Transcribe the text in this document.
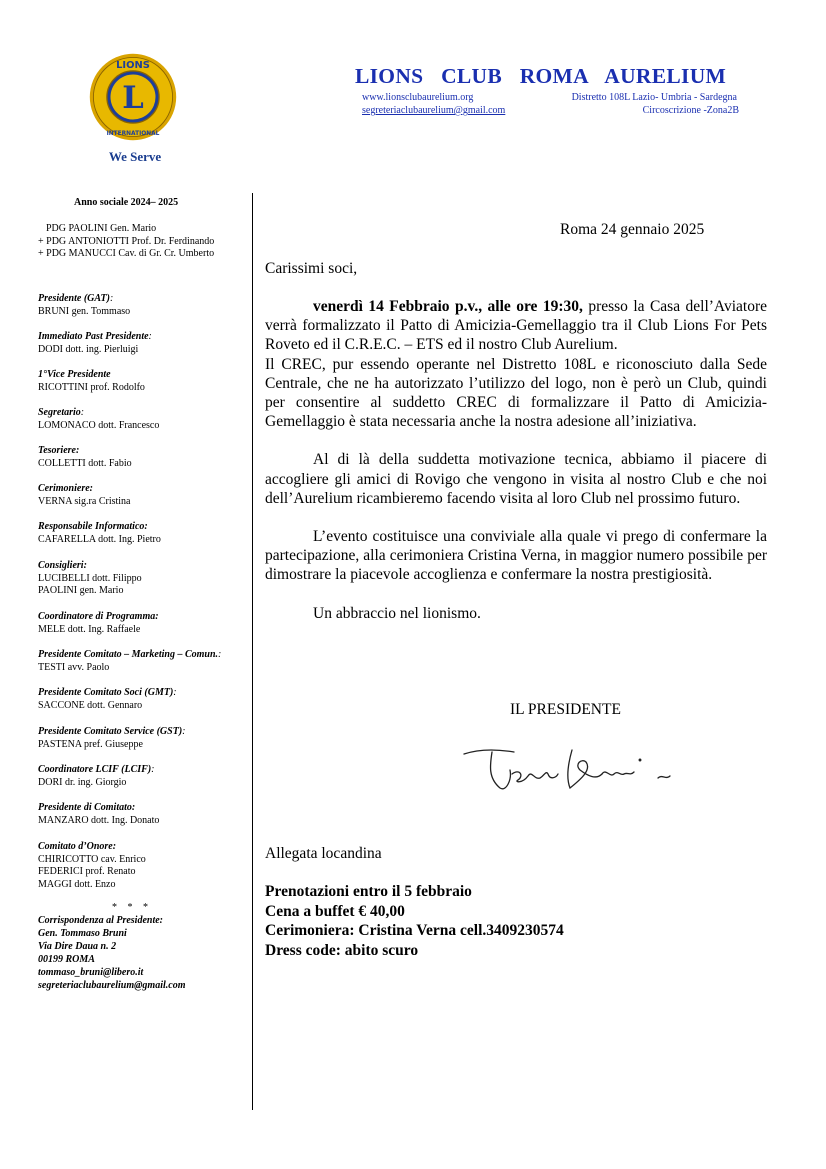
L
LIONS
INTERNATIONAL
We Serve
LIONS CLUB ROMA AURELIUM
www.lionsclubaurelium.org
segreteriaclubaurelium@gmail.com
Distretto 108L Lazio- Umbria - Sardegna
Circoscrizione -Zona2B
Anno sociale 2024– 2025
PDG PAOLINI Gen. Mario
+ PDG ANTONIOTTI Prof. Dr. Ferdinando
+ PDG MANUCCI Cav. di Gr. Cr. Umberto
Presidente (GAT):
BRUNI gen. Tommaso
Immediato Past Presidente:
DODI dott. ing. Pierluigi
1°Vice Presidente
RICOTTINI prof. Rodolfo
Segretario:
LOMONACO dott. Francesco
Tesoriere:
COLLETTI dott. Fabio
Cerimoniere:
VERNA sig.ra Cristina
Responsabile Informatico:
CAFARELLA dott. Ing. Pietro
Consiglieri:
LUCIBELLI dott. Filippo
PAOLINI gen. Mario
Coordinatore di Programma:
MELE dott. Ing. Raffaele
Presidente Comitato – Marketing – Comun.:
TESTI avv. Paolo
Presidente Comitato Soci (GMT):
SACCONE dott. Gennaro
Presidente Comitato Service (GST):
PASTENA pref. Giuseppe
Coordinatore LCIF (LCIF):
DORI dr. ing. Giorgio
Presidente di Comitato:
MANZARO dott. Ing. Donato
Comitato d’Onore:
CHIRICOTTO cav. Enrico
FEDERICI prof. Renato
MAGGI dott. Enzo
* * *
Corrispondenza al Presidente:
Gen. Tommaso Bruni
Via Dire Daua n. 2
00199 ROMA
tommaso_bruni@libero.it
segreteriaclubaurelium@gmail.com
Roma 24 gennaio 2025
Carissimi soci,

venerdì 14 Febbraio p.v., alle ore 19:30, presso la Casa dell’Aviatore verrà formalizzato il Patto di Amicizia-Gemellaggio tra il Club Lions For Pets Roveto ed il C.R.E.C. – ETS ed il nostro Club Aurelium.

Il CREC, pur essendo operante nel Distretto 108L e riconosciuto dalla Sede Centrale, che ne ha autorizzato l’utilizzo del logo, non è però un Club, quindi per consentire al suddetto CREC di formalizzare il Patto di Amicizia-Gemellaggio è stata necessaria anche la nostra adesione all’iniziativa.

Al di là della suddetta motivazione tecnica, abbiamo il piacere di accogliere gli amici di Rovigo che vengono in visita al nostro Club e che noi dell’Aurelium ricambieremo facendo visita al loro Club nel prossimo futuro.

L’evento costituisce una conviviale alla quale vi prego di confermare la partecipazione, alla cerimoniera Cristina Verna, in maggior numero possibile per dimostrare la piacevole accoglienza e confermare la nostra prestigiosità.

Un abbraccio nel lionismo.

IL PRESIDENTE
Allegata locandina
Prenotazioni entro il 5 febbraio
Cena a buffet € 40,00
Cerimoniera: Cristina Verna cell.3409230574
Dress code: abito scuro
